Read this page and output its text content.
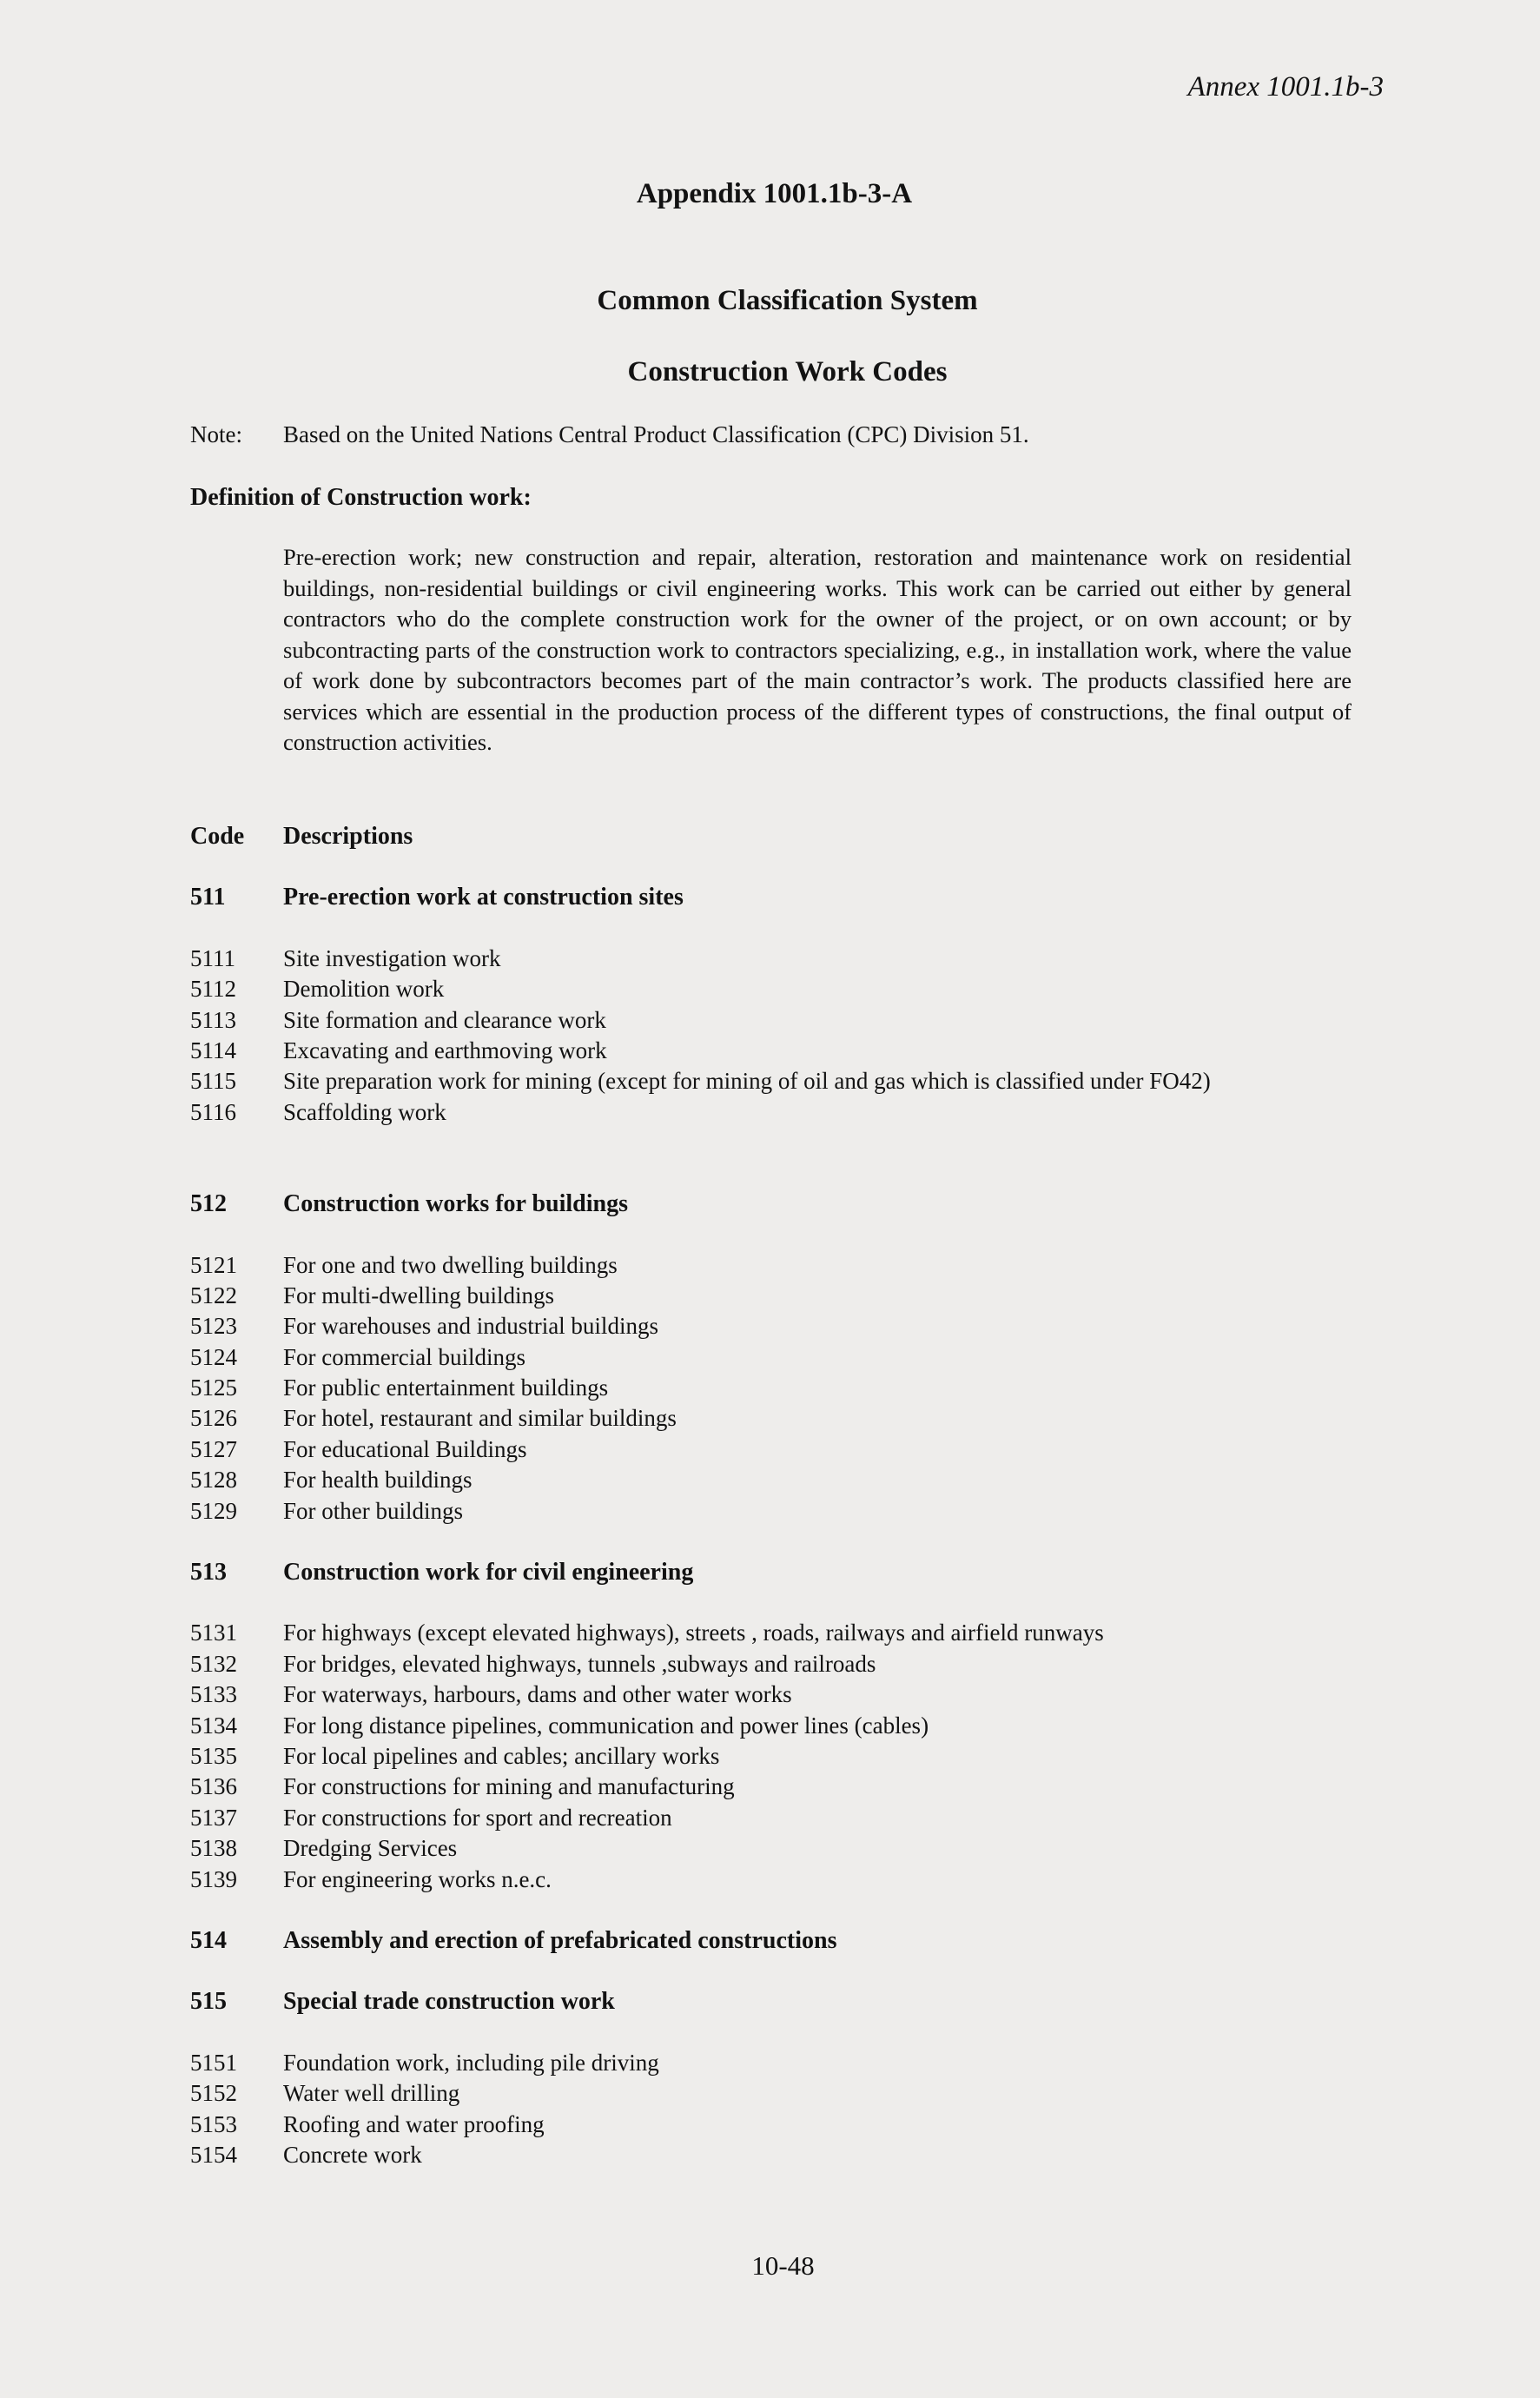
Annex 1001.1b-3
Appendix 1001.1b-3-A
Common Classification System
Construction Work Codes
Note: Based on the United Nations Central Product Classification (CPC) Division 51.
Definition of Construction work:
Pre-erection work; new construction and repair, alteration, restoration and maintenance work on residential buildings, non-residential buildings or civil engineering works. This work can be carried out either by general contractors who do the complete construction work for the owner of the project, or on own account; or by subcontracting parts of the construction work to contractors specializing, e.g., in installation work, where the value of work done by subcontractors becomes part of the main contractor’s work. The products classified here are services which are essential in the production process of the different types of constructions, the final output of construction activities.
Code	Descriptions
511	Pre-erection work at construction sites
5111	Site investigation work
5112	Demolition work
5113	Site formation and clearance work
5114	Excavating and earthmoving work
5115	Site preparation work for mining (except for mining of oil and gas which is classified under FO42)
5116	Scaffolding work
512	Construction works for buildings
5121	For one and two dwelling buildings
5122	For multi-dwelling buildings
5123	For warehouses and industrial buildings
5124	For commercial buildings
5125	For public entertainment buildings
5126	For hotel, restaurant and similar buildings
5127	For educational Buildings
5128	For health buildings
5129	For other buildings
513	Construction work for civil engineering
5131	For highways (except elevated highways), streets , roads, railways and airfield runways
5132	For bridges, elevated highways, tunnels ,subways and railroads
5133	For waterways, harbours, dams and other water works
5134	For long distance pipelines, communication and power lines (cables)
5135	For local pipelines and cables; ancillary works
5136	For constructions for mining and manufacturing
5137	For constructions for sport and recreation
5138	Dredging Services
5139	For engineering works n.e.c.
514	Assembly and erection of prefabricated constructions
515	Special trade construction work
5151	Foundation work, including pile driving
5152	Water well drilling
5153	Roofing and water proofing
5154	Concrete work
10-48
